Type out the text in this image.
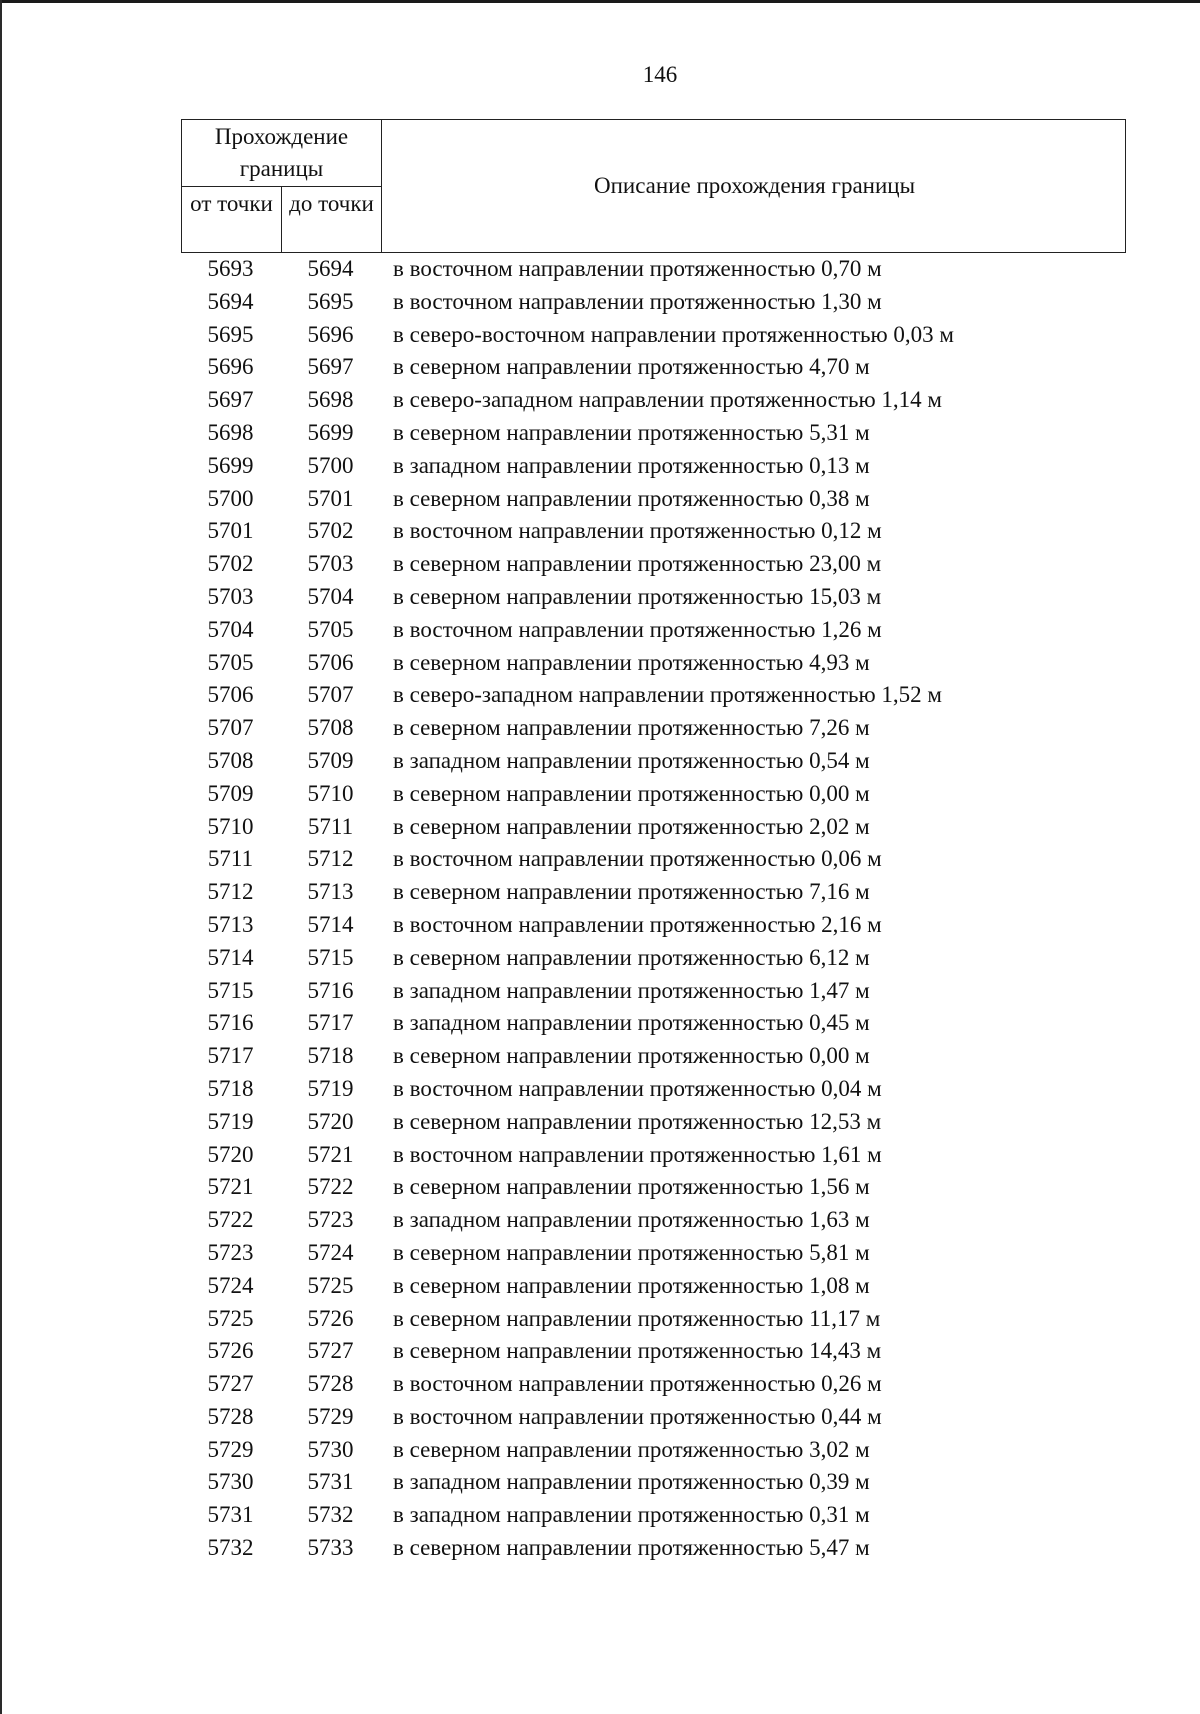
146
Прохождение границы
от точки до точки
Описание прохождения границы
5693	5694	в восточном направлении протяженностью 0,70 м
5694	5695	в восточном направлении протяженностью 1,30 м
5695	5696	в северо-восточном направлении протяженностью 0,03 м
5696	5697	в северном направлении протяженностью 4,70 м
5697	5698	в северо-западном направлении протяженностью 1,14 м
5698	5699	в северном направлении протяженностью 5,31 м
5699	5700	в западном направлении протяженностью 0,13 м
5700	5701	в северном направлении протяженностью 0,38 м
5701	5702	в восточном направлении протяженностью 0,12 м
5702	5703	в северном направлении протяженностью 23,00 м
5703	5704	в северном направлении протяженностью 15,03 м
5704	5705	в восточном направлении протяженностью 1,26 м
5705	5706	в северном направлении протяженностью 4,93 м
5706	5707	в северо-западном направлении протяженностью 1,52 м
5707	5708	в северном направлении протяженностью 7,26 м
5708	5709	в западном направлении протяженностью 0,54 м
5709	5710	в северном направлении протяженностью 0,00 м
5710	5711	в северном направлении протяженностью 2,02 м
5711	5712	в восточном направлении протяженностью 0,06 м
5712	5713	в северном направлении протяженностью 7,16 м
5713	5714	в восточном направлении протяженностью 2,16 м
5714	5715	в северном направлении протяженностью 6,12 м
5715	5716	в западном направлении протяженностью 1,47 м
5716	5717	в западном направлении протяженностью 0,45 м
5717	5718	в северном направлении протяженностью 0,00 м
5718	5719	в восточном направлении протяженностью 0,04 м
5719	5720	в северном направлении протяженностью 12,53 м
5720	5721	в восточном направлении протяженностью 1,61 м
5721	5722	в северном направлении протяженностью 1,56 м
5722	5723	в западном направлении протяженностью 1,63 м
5723	5724	в северном направлении протяженностью 5,81 м
5724	5725	в северном направлении протяженностью 1,08 м
5725	5726	в северном направлении протяженностью 11,17 м
5726	5727	в северном направлении протяженностью 14,43 м
5727	5728	в восточном направлении протяженностью 0,26 м
5728	5729	в восточном направлении протяженностью 0,44 м
5729	5730	в северном направлении протяженностью 3,02 м
5730	5731	в западном направлении протяженностью 0,39 м
5731	5732	в западном направлении протяженностью 0,31 м
5732	5733	в северном направлении протяженностью 5,47 м
